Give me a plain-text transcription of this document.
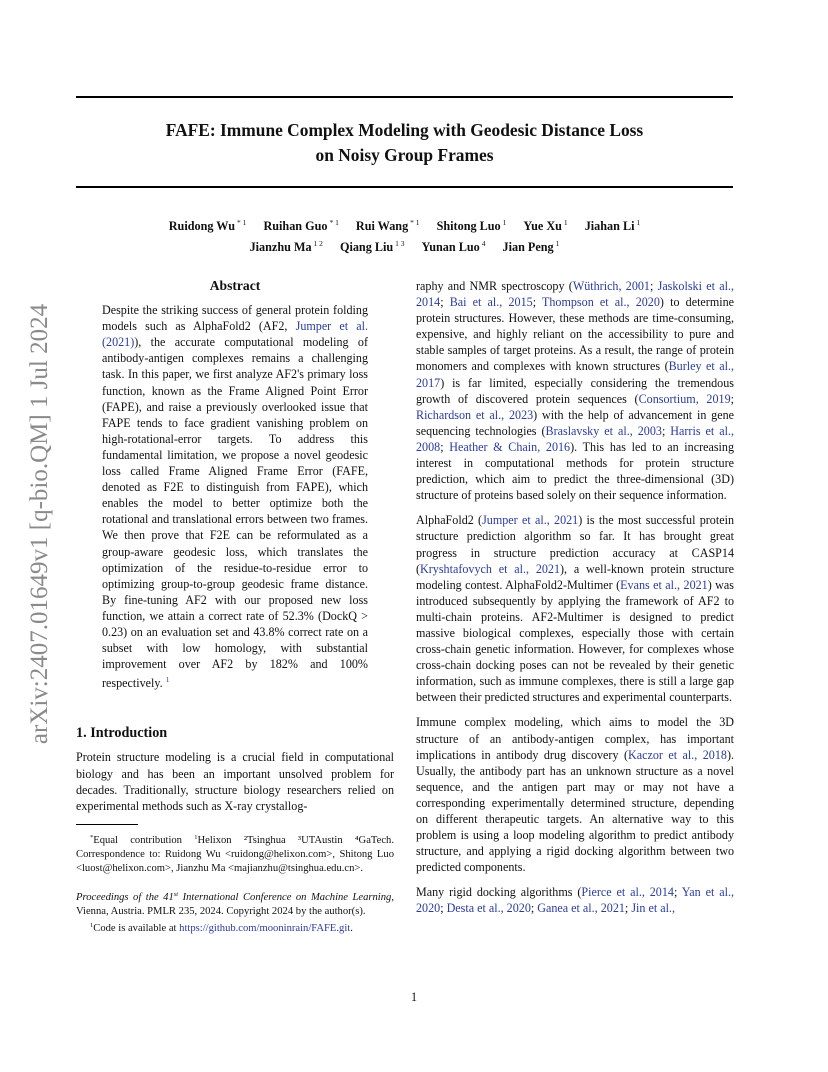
FAFE: Immune Complex Modeling with Geodesic Distance Loss
on Noisy Group Frames
Ruidong Wu $^{* 1}$ Ruihan Guo $^{* 1}$ Rui Wang $^{* 1}$ Shitong Luo $^1$ Yue Xu $^1$ Jiahan Li $^1$
Jianzhu Ma $^{1 2}$ Qiang Liu $^{1 3}$ Yunan Luo $^4$ Jian Peng $^1$
arXiv:2407.01649v1 [q-bio.QM] 1 Jul 2024
Abstract

Despite the striking success of general protein folding models such as AlphaFold2 (AF2, Jumper et al. (2021)), the accurate computational modeling of antibody-antigen complexes remains a challenging task. In this paper, we first analyze AF2's primary loss function, known as the Frame Aligned Point Error (FAPE), and raise a previously overlooked issue that FAPE tends to face gradient vanishing problem on high-rotational-error targets. To address this fundamental limitation, we propose a novel geodesic loss called Frame Aligned Frame Error (FAFE, denoted as F2E to distinguish from FAPE), which enables the model to better optimize both the rotational and translational errors between two frames. We then prove that F2E can be reformulated as a group-aware geodesic loss, which translates the optimization of the residue-to-residue error to optimizing group-to-group geodesic frame distance. By fine-tuning AF2 with our proposed new loss function, we attain a correct rate of 52.3% (DockQ > 0.23) on an evaluation set and 43.8% correct rate on a subset with low homology, with substantial improvement over AF2 by 182% and 100% respectively. $^1$

1. Introduction

Protein structure modeling is a crucial field in computational biology and has been an important unsolved problem for decades. Traditionally, structure biology researchers relied on experimental methods such as X-ray crystallog-

*Equal contribution $^1$Helixon ²Tsinghua ³UTAustin ⁴GaTech. Correspondence to: Ruidong Wu <ruidong@helixon.com>, Shitong Luo <luost@helixon.com>, Jianzhu Ma <majianzhu@tsinghua.edu.cn>.

Proceedings of the 41st International Conference on Machine Learning, Vienna, Austria. PMLR 235, 2024. Copyright 2024 by the author(s).

$^1$Code is available at https://github.com/mooninrain/FAFE.git.

raphy and NMR spectroscopy (Wüthrich, 2001; Jaskolski et al., 2014; Bai et al., 2015; Thompson et al., 2020) to determine protein structures. However, these methods are time-consuming, expensive, and highly reliant on the accessibility to pure and stable samples of target proteins. As a result, the range of protein monomers and complexes with known structures (Burley et al., 2017) is far limited, especially considering the tremendous growth of discovered protein sequences (Consortium, 2019; Richardson et al., 2023) with the help of advancement in gene sequencing technologies (Braslavsky et al., 2003; Harris et al., 2008; Heather & Chain, 2016). This has led to an increasing interest in computational methods for protein structure prediction, which aim to predict the three-dimensional (3D) structure of proteins based solely on their sequence information.

AlphaFold2 (Jumper et al., 2021) is the most successful protein structure prediction algorithm so far. It has brought great progress in structure prediction accuracy at CASP14 (Kryshtafovych et al., 2021), a well-known protein structure modeling contest. AlphaFold2-Multimer (Evans et al., 2021) was introduced subsequently by applying the framework of AF2 to multi-chain proteins. AF2-Multimer is designed to predict massive biological complexes, especially those with certain cross-chain genetic information. However, for complexes whose cross-chain docking poses can not be revealed by their genetic information, such as immune complexes, there is still a large gap between their predicted structures and experimental counterparts.

Immune complex modeling, which aims to model the 3D structure of an antibody-antigen complex, has important implications in antibody drug discovery (Kaczor et al., 2018). Usually, the antibody part has an unknown structure as a novel sequence, and the antigen part may or may not have a corresponding experimentally determined structure, depending on different therapeutic targets. An alternative way to this problem is using a loop modeling algorithm to predict antibody structure, and applying a rigid docking algorithm between two predicted components.

Many rigid docking algorithms (Pierce et al., 2014; Yan et al., 2020; Desta et al., 2020; Ganea et al., 2021; Jin et al.,

1
